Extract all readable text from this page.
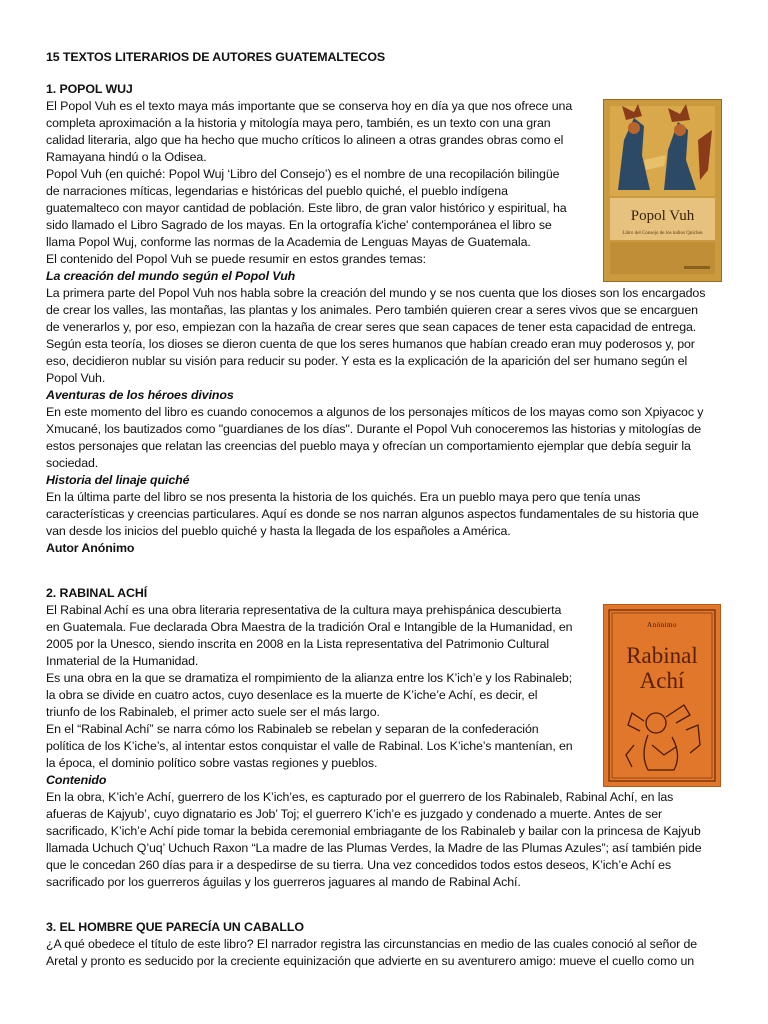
15 TEXTOS LITERARIOS DE AUTORES GUATEMALTECOS
1. POPOL WUJ
El Popol Vuh es el texto maya más importante que se conserva hoy en día ya que nos ofrece una
completa aproximación a la historia y mitología maya pero, también, es un texto con una gran
calidad literaria, algo que ha hecho que mucho críticos lo alineen a otras grandes obras como el
Ramayana hindú o la Odisea.
Popol Vuh (en quiché: Popol Wuj ‘Libro del Consejo’) es el nombre de una recopilación bilingüe
de narraciones míticas, legendarias e históricas del pueblo quiché, el pueblo indígena
guatemalteco con mayor cantidad de población. Este libro, de gran valor histórico y espiritual, ha
sido llamado el Libro Sagrado de los mayas. En la ortografía k'iche' contemporánea el libro se
llama Popol Wuj, conforme las normas de la Academia de Lenguas Mayas de Guatemala.
El contenido del Popol Vuh se puede resumir en estos grandes temas:
La creación del mundo según el Popol Vuh
La primera parte del Popol Vuh nos habla sobre la creación del mundo y se nos cuenta que los dioses son los encargados
de crear los valles, las montañas, las plantas y los animales. Pero también quieren crear a seres vivos que se encarguen
de venerarlos y, por eso, empiezan con la hazaña de crear seres que sean capaces de tener esta capacidad de entrega.
Según esta teoría, los dioses se dieron cuenta de que los seres humanos que habían creado eran muy poderosos y, por
eso, decidieron nublar su visión para reducir su poder. Y esta es la explicación de la aparición del ser humano según el
Popol Vuh.
Aventuras de los héroes divinos
En este momento del libro es cuando conocemos a algunos de los personajes míticos de los mayas como son Xpiyacoc y
Xmucané, los bautizados como "guardianes de los días". Durante el Popol Vuh conoceremos las historias y mitologías de
estos personajes que relatan las creencias del pueblo maya y ofrecían un comportamiento ejemplar que debía seguir la
sociedad.
Historia del linaje quiché
En la última parte del libro se nos presenta la historia de los quichés. Era un pueblo maya pero que tenía unas
características y creencias particulares. Aquí es donde se nos narran algunos aspectos fundamentales de su historia que
van desde los inicios del pueblo quiché y hasta la llegada de los españoles a América.
Autor Anónimo
Popol Vuh
Libro del Consejo de los indios Quichés
2. RABINAL ACHÍ
El Rabinal Achí es una obra literaria representativa de la cultura maya prehispánica descubierta
en Guatemala. Fue declarada Obra Maestra de la tradición Oral e Intangible de la Humanidad, en
2005 por la Unesco, siendo inscrita en 2008 en la Lista representativa del Patrimonio Cultural
Inmaterial de la Humanidad.
Es una obra en la que se dramatiza el rompimiento de la alianza entre los K’ich’e y los Rabinaleb;
la obra se divide en cuatro actos, cuyo desenlace es la muerte de K’iche’e Achí, es decir, el
triunfo de los Rabinaleb, el primer acto suele ser el más largo.
En el “Rabinal Achí” se narra cómo los Rabinaleb se rebelan y separan de la confederación
política de los K’iche’s, al intentar estos conquistar el valle de Rabinal. Los K’iche’s mantenían, en
la época, el dominio político sobre vastas regiones y pueblos.
Contenido
En la obra, K’ich’e Achí, guerrero de los K’ich’es, es capturado por el guerrero de los Rabinaleb, Rabinal Achí, en las
afueras de Kajyub’, cuyo dignatario es Job’ Toj; el guerrero K’ich’e es juzgado y condenado a muerte. Antes de ser
sacrificado, K’ich’e Achí pide tomar la bebida ceremonial embriagante de los Rabinaleb y bailar con la princesa de Kajyub
llamada Uchuch Q’uq’ Uchuch Raxon “La madre de las Plumas Verdes, la Madre de las Plumas Azules”; así también pide
que le concedan 260 días para ir a despedirse de su tierra. Una vez concedidos todos estos deseos, K’ich’e Achí es
sacrificado por los guerreros águilas y los guerreros jaguares al mando de Rabinal Achí.
Anónimo
Rabinal
Achí
3. EL HOMBRE QUE PARECÍA UN CABALLO
¿A qué obedece el título de este libro? El narrador registra las circunstancias en medio de las cuales conoció al señor de
Aretal y pronto es seducido por la creciente equinización que advierte en su aventurero amigo: mueve el cuello como un
